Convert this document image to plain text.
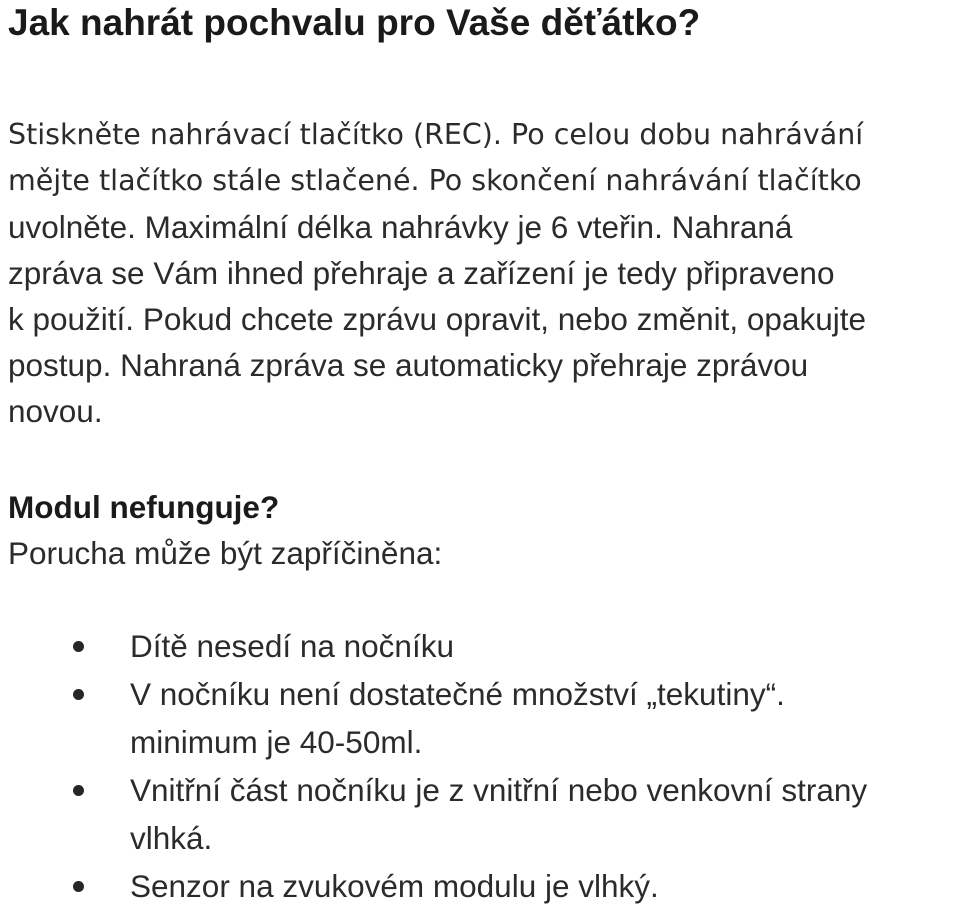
Jak nahrát pochvalu pro Vaše děťátko?
Stiskněte nahrávací tlačítko (REC). Po celou dobu nahrávání
mějte tlačítko stále stlačené. Po skončení nahrávání tlačítko
uvolněte. Maximální délka nahrávky je 6 vteřin. Nahraná
zpráva se Vám ihned přehraje a zařízení je tedy připraveno
k použití. Pokud chcete zprávu opravit, nebo změnit, opakujte
postup. Nahraná zpráva se automaticky přehraje zprávou
novou.
Modul nefunguje?
Porucha může být zapříčiněna:
Dítě nesedí na nočníku
V nočníku není dostatečné množství „tekutiny“.
minimum je 40-50ml.
Vnitřní část nočníku je z vnitřní nebo venkovní strany
vlhká.
Senzor na zvukovém modulu je vlhký.
